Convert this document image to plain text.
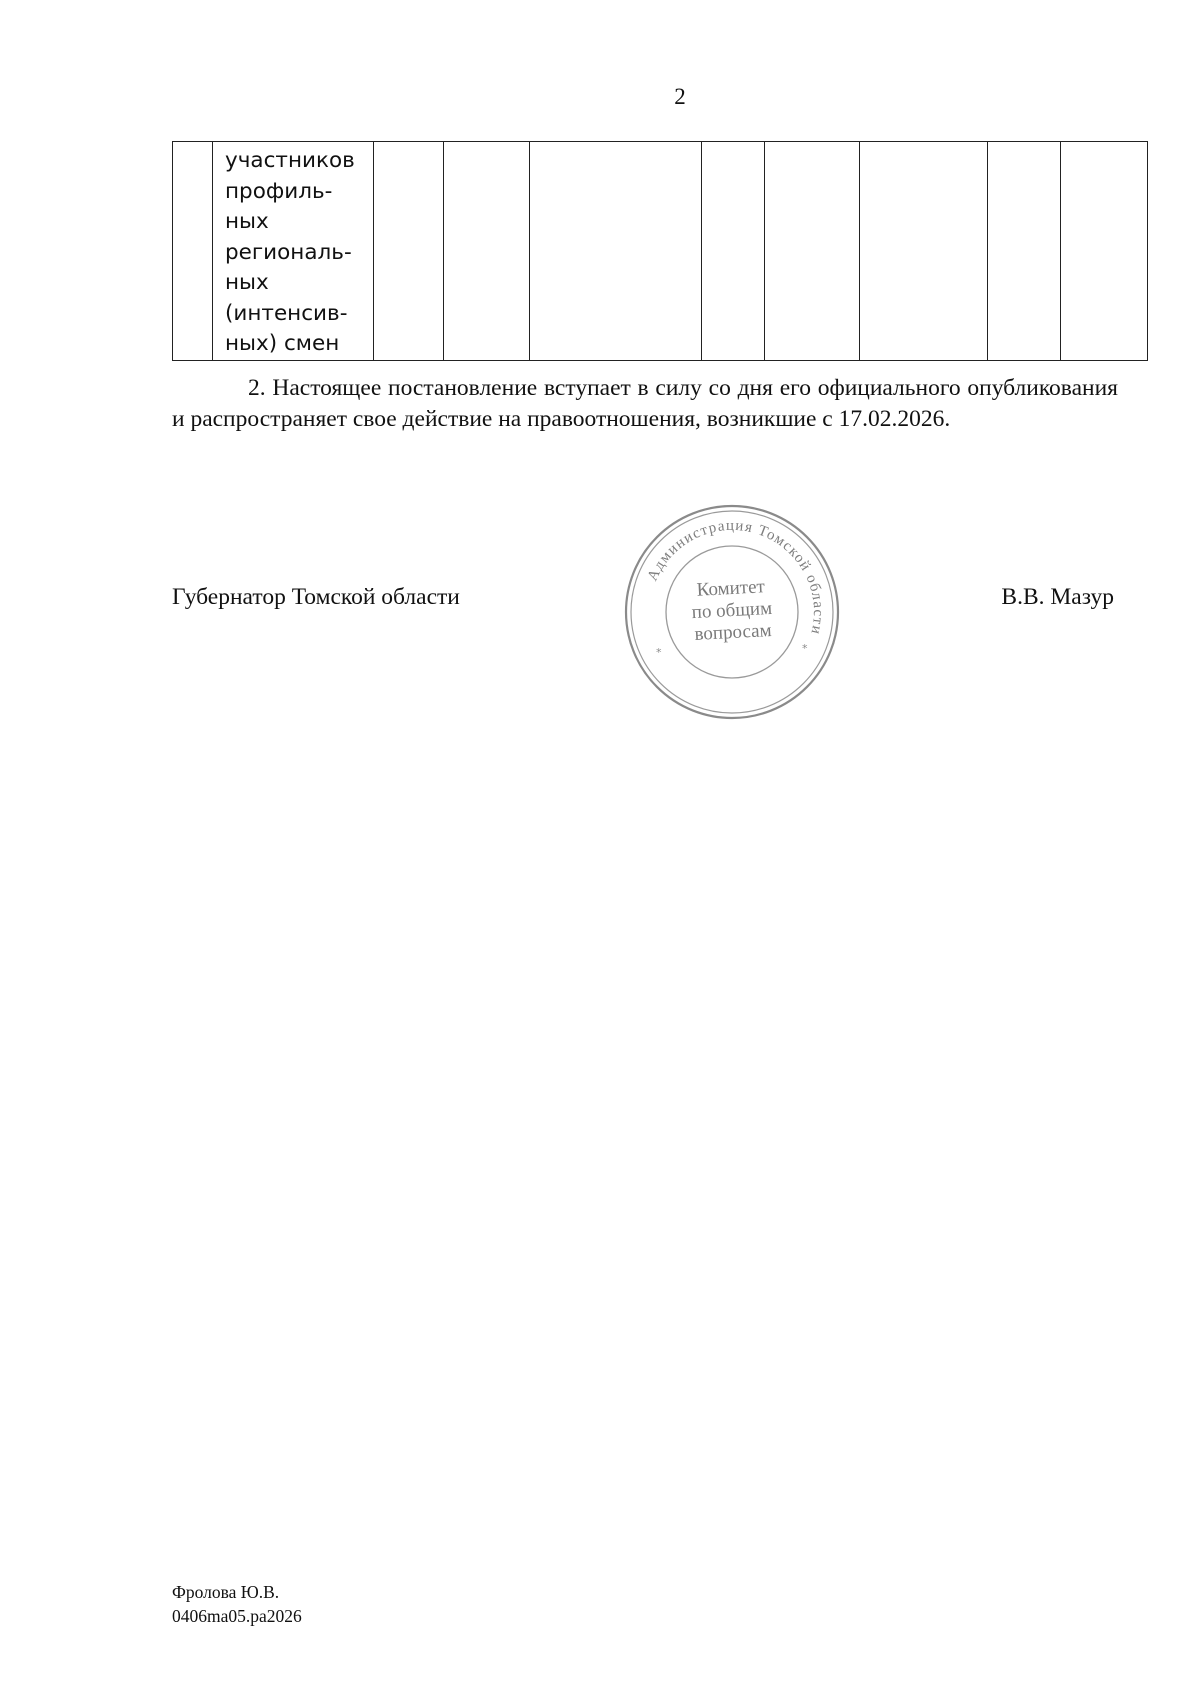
2

участников
профиль-
ных
региональ-
ных
(интенсив-
ных) смен

2. Настоящее постановление вступает в силу со дня его официального опубликования и распространяет свое действие на правоотношения, возникшие с 17.02.2026.

Губернатор Томской области
Администрация Томской области
*	*
Комитет
по общим
вопросам
В.В. Мазур
Фролова Ю.В.
0406ma05.pa2026
